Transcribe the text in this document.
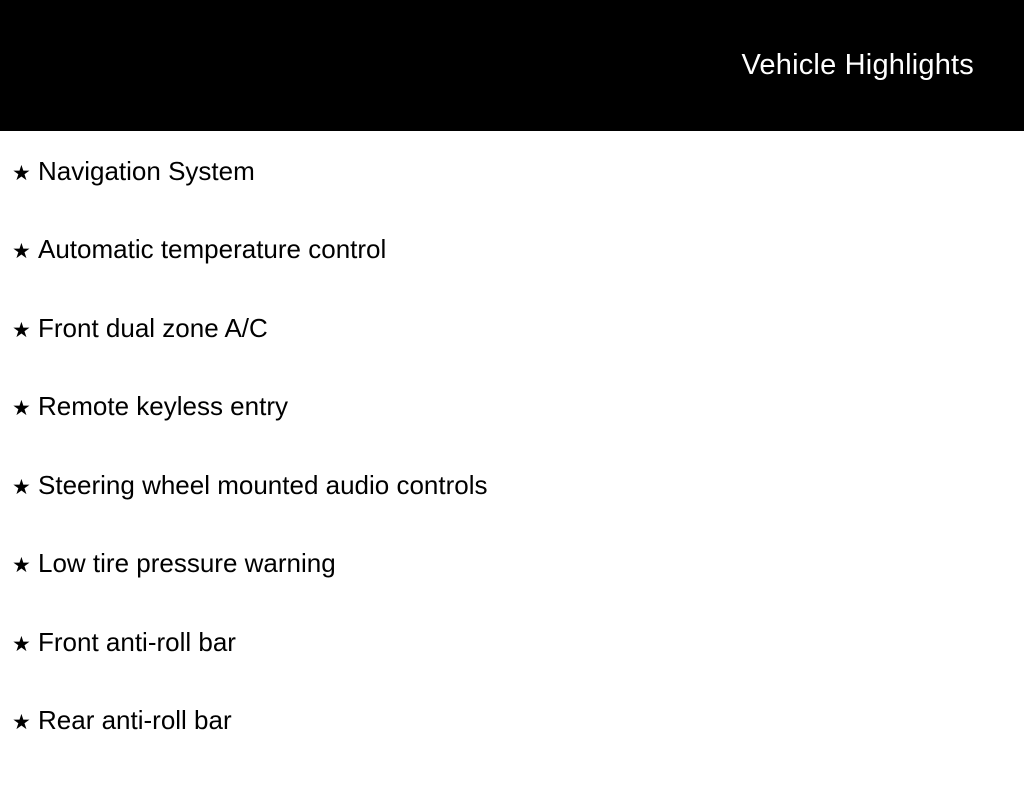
Vehicle Highlights
★ Navigation System
★ Automatic temperature control
★ Front dual zone A/C
★ Remote keyless entry
★ Steering wheel mounted audio controls
★ Low tire pressure warning
★ Front anti-roll bar
★ Rear anti-roll bar
